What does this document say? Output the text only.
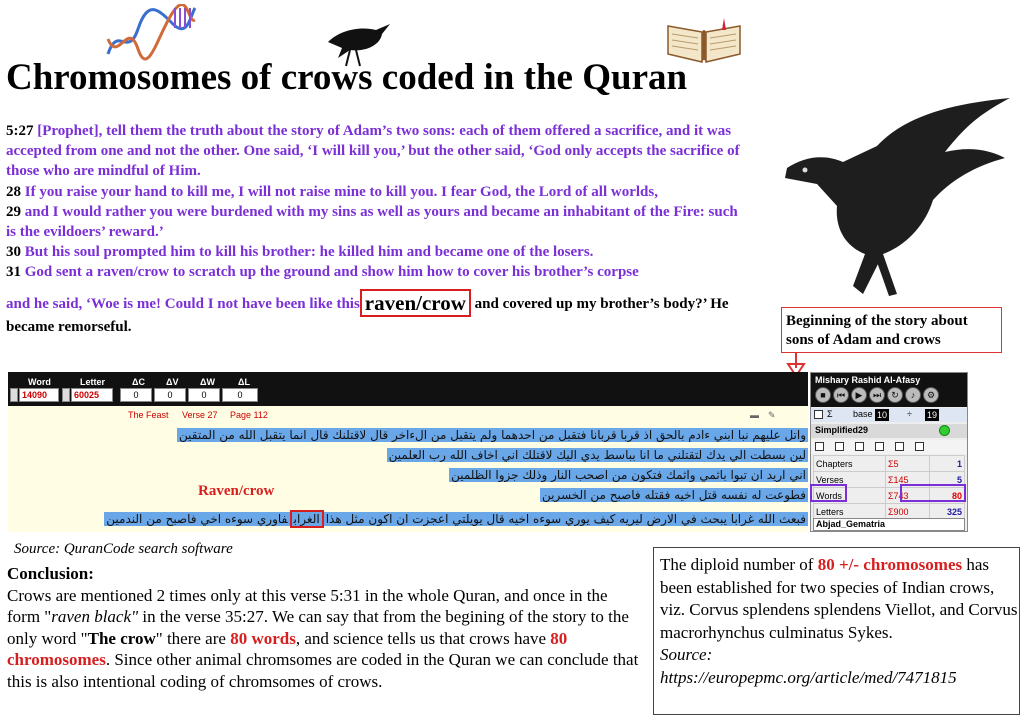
Chromosomes of crows coded in the Quran
5:27 [Prophet], tell them the truth about the story of Adam’s two sons: each of them offered a sacrifice, and it was accepted from one and not the other. One said, ‘I will kill you,’ but the other said, ‘God only accepts the sacrifice of those who are mindful of Him.
28 If you raise your hand to kill me, I will not raise mine to kill you. I fear God, the Lord of all worlds,
29 and I would rather you were burdened with my sins as well as yours and became an inhabitant of the Fire: such is the evildoers’ reward.’
30 But his soul prompted him to kill his brother: he killed him and became one of the losers.
31 God sent a raven/crow to scratch up the ground and show him how to cover his brother’s corpse
and he said, ‘Woe is me! Could I not have been like this raven/crow and covered up my brother’s body?’ He became remorseful.	Beginning of the story about
sons of Adam and crows
Word
14090
Letter
60025
ΔC
0
ΔV
0
ΔW
0
ΔL
0
The Feast Verse 27 Page 112	▬ ✎
واتل عليهم نبا ابني ءادم بالحق اذ قربا قربانا فتقبل من احدهما ولم يتقبل من الءاخر قال لاقتلنك قال انما يتقبل الله من المتقين
لين بسطت الي يدك لتقتلني ما انا بباسط يدي اليك لاقتلك اني اخاف الله رب العلمين
اني اريد ان تبوا باثمي واثمك فتكون من اصحب النار وذلك جزوا الظلمين
فطوعت له نفسه قتل اخيه فقتله فاصبح من الخسرين
فبعث الله غرابا يبحث في الارض ليريه كيف يوري سوءه اخيه قال يويلتي اعجزت ان اكون مثل هذاالغرابفاوري سوءه اخي فاصبح من الندمين
Raven/crow
Mishary Rashid Al-Afasy
■	⏮	▶	⏭	↻	♪	⚙
Σ base 10 ÷ 19
Simplified29
Chapters	Σ5	1
Verses	Σ145	5
Words	Σ743	80
Letters	Σ900	325
Abjad_Gematria
Source: QuranCode search software
Conclusion:
Crows are mentioned 2 times only at this verse 5:31 in the whole Quran, and once in the form "raven black" in the verse 35:27. We can say that from the begining of the story to the only word "The crow" there are 80 words, and science tells us that crows have 80 chromosomes. Since other animal chromsomes are coded in the Quran we can conclude that this is also intentional coding of chromsomes of crows.
The diploid number of 80 +/- chromosomes has been established for two species of Indian crows, viz. Corvus splendens splendens Viellot, and Corvus macrorhynchus culminatus Sykes.
Source:
https://europepmc.org/article/med/7471815
